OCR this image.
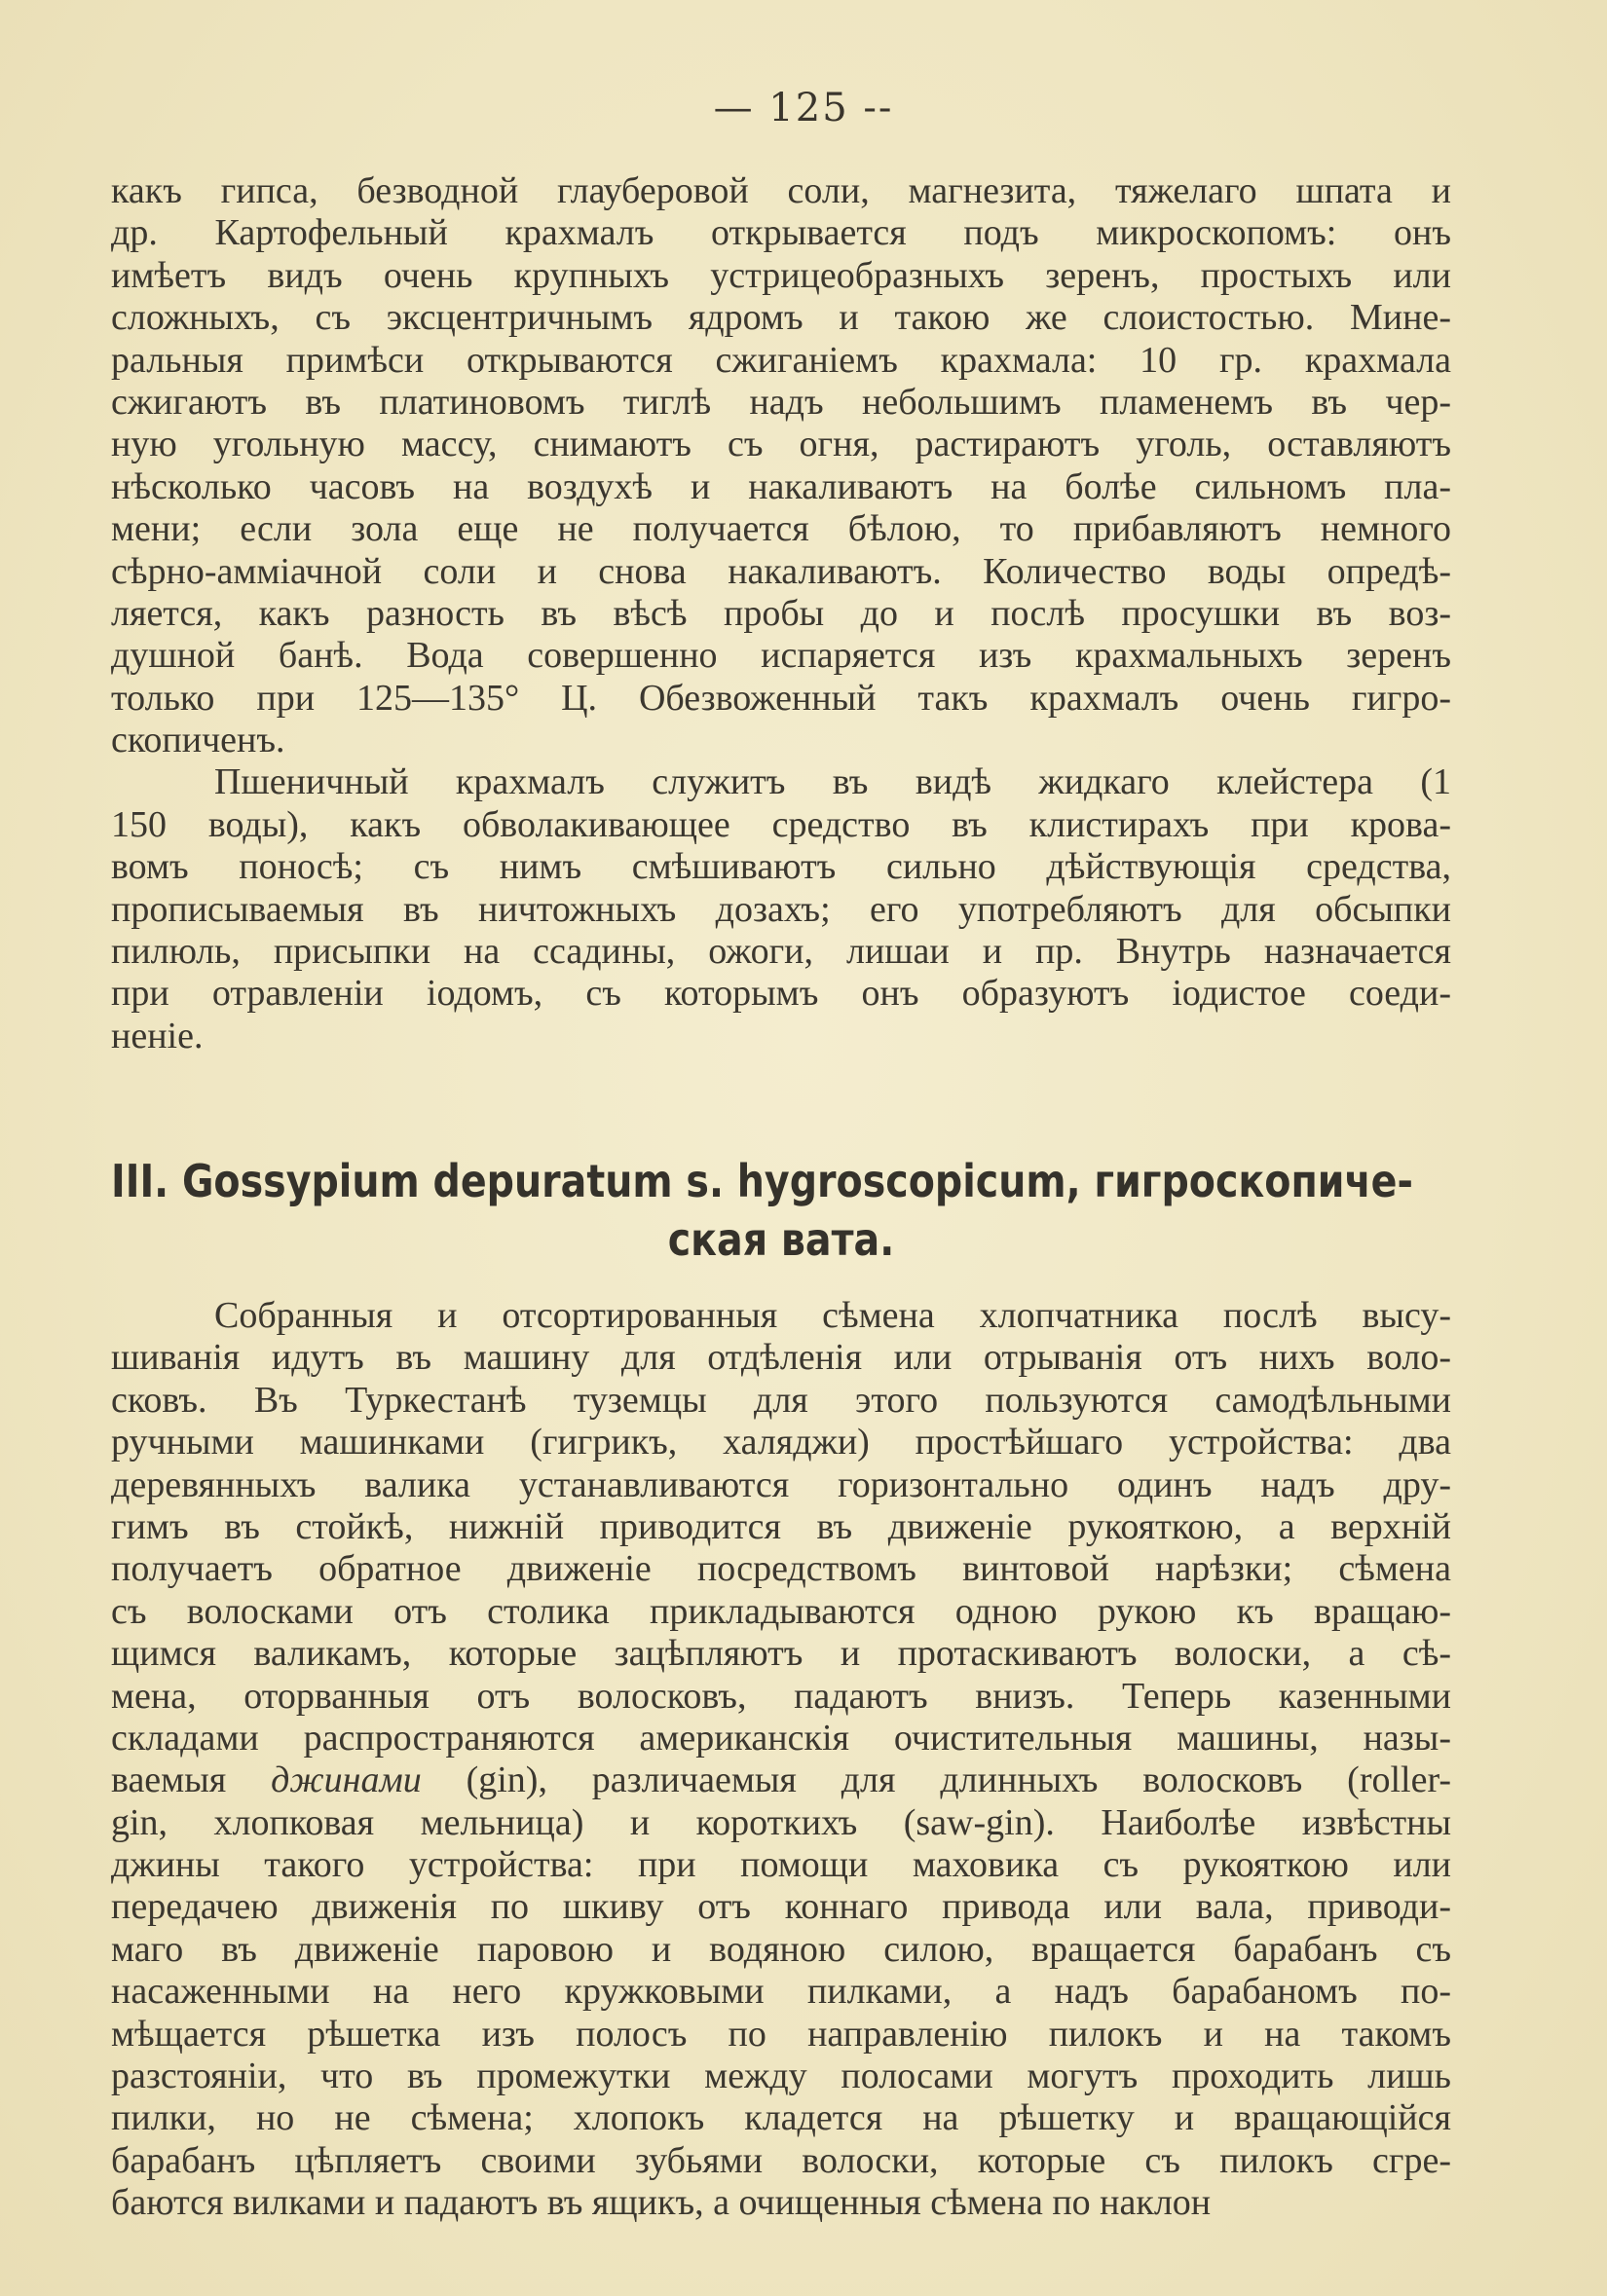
— 125 --
какъ гипса, безводной глауберовой соли, магнезита, тяжелаго шпата и
др. Картофельный крахмалъ открывается подъ микроскопомъ: онъ
имѣетъ видъ очень крупныхъ устрицеобразныхъ зеренъ, простыхъ или
сложныхъ, съ эксцентричнымъ ядромъ и такою же слоистостью. Мине-
ральныя примѣси открываются сжиганіемъ крахмала: 10 гр. крахмала
сжигаютъ въ платиновомъ тиглѣ надъ небольшимъ пламенемъ въ чер-
ную угольную массу, снимаютъ съ огня, растираютъ уголь, оставляютъ
нѣсколько часовъ на воздухѣ и накаливаютъ на болѣе сильномъ пла-
мени; если зола еще не получается бѣлою, то прибавляютъ немного
сѣрно-амміачной соли и снова накаливаютъ. Количество воды опредѣ-
ляется, какъ разность въ вѣсѣ пробы до и послѣ просушки въ воз-
душной банѣ. Вода совершенно испаряется изъ крахмальныхъ зеренъ
только при 125—135° Ц. Обезвоженный такъ крахмалъ очень гигро-
скопиченъ.
Пшеничный крахмалъ служитъ въ видѣ жидкаго клейстера (1
150 воды), какъ обволакивающее средство въ клистирахъ при крова-
вомъ поносѣ; съ нимъ смѣшиваютъ сильно дѣйствующія средства,
прописываемыя въ ничтожныхъ дозахъ; его употребляютъ для обсыпки
пилюль, присыпки на ссадины, ожоги, лишаи и пр. Внутрь назначается
при отравленіи іодомъ, съ которымъ онъ образуютъ іодистое соеди-
неніе.
III. Gossypium depuratum s. hygroscopicum, гигроскопиче-
ская вата.
Собранныя и отсортированныя сѣмена хлопчатника послѣ высу-
шиванія идутъ въ машину для отдѣленія или отрыванія отъ нихъ воло-
сковъ. Въ Туркестанѣ туземцы для этого пользуются самодѣльными
ручными машинками (гигрикъ, халяджи) простѣйшаго устройства: два
деревянныхъ валика устанавливаются горизонтально одинъ надъ дру-
гимъ въ стойкѣ, нижній приводится въ движеніе рукояткою, а верхній
получаетъ обратное движеніе посредствомъ винтовой нарѣзки; сѣмена
съ волосками отъ столика прикладываются одною рукою къ вращаю-
щимся валикамъ, которые зацѣпляютъ и протаскиваютъ волоски, а сѣ-
мена, оторванныя отъ волосковъ, падаютъ внизъ. Теперь казенными
складами распространяются американскія очистительныя машины, назы-
ваемыя джинами (gin), различаемыя для длинныхъ волосковъ (roller-
gin, хлопковая мельница) и короткихъ (saw-gin). Наиболѣе извѣстны
джины такого устройства: при помощи маховика съ рукояткою или
передачею движенія по шкиву отъ коннаго привода или вала, приводи-
маго въ движеніе паровою и водяною силою, вращается барабанъ съ
насаженными на него кружковыми пилками, а надъ барабаномъ по-
мѣщается рѣшетка изъ полосъ по направленію пилокъ и на такомъ
разстояніи, что въ промежутки между полосами могутъ проходить лишь
пилки, но не сѣмена; хлопокъ кладется на рѣшетку и вращающійся
барабанъ цѣпляетъ своими зубьями волоски, которые съ пилокъ сгре-
баются вилками и падаютъ въ ящикъ, а очищенныя сѣмена по наклон
